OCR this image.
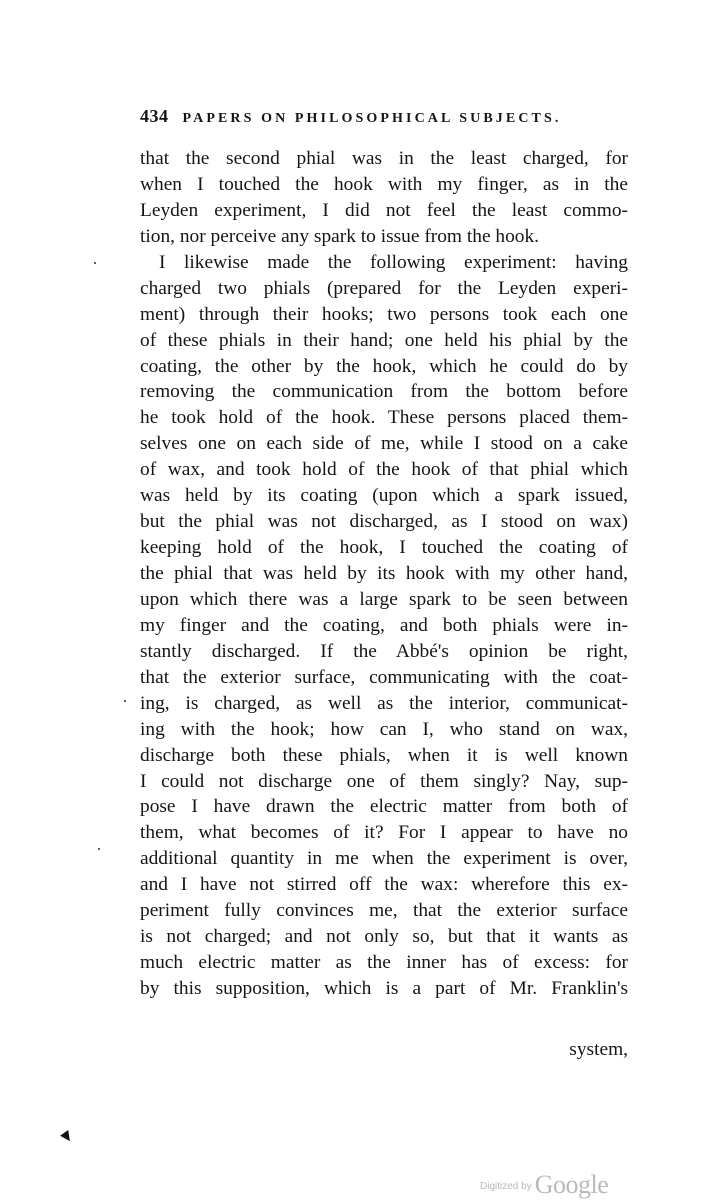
434 PAPERS ON PHILOSOPHICAL SUBJECTS.
that the second phial was in the least charged, for
when I touched the hook with my finger, as in the
Leyden experiment, I did not feel the least commo-
tion, nor perceive any spark to issue from the hook.
I likewise made the following experiment: having
charged two phials (prepared for the Leyden experi-
ment) through their hooks; two persons took each one
of these phials in their hand; one held his phial by the
coating, the other by the hook, which he could do by
removing the communication from the bottom before
he took hold of the hook. These persons placed them-
selves one on each side of me, while I stood on a cake
of wax, and took hold of the hook of that phial which
was held by its coating (upon which a spark issued,
but the phial was not discharged, as I stood on wax)
keeping hold of the hook, I touched the coating of
the phial that was held by its hook with my other hand,
upon which there was a large spark to be seen between
my finger and the coating, and both phials were in-
stantly discharged. If the Abbé's opinion be right,
that the exterior surface, communicating with the coat-
ing, is charged, as well as the interior, communicat-
ing with the hook; how can I, who stand on wax,
discharge both these phials, when it is well known
I could not discharge one of them singly? Nay, sup-
pose I have drawn the electric matter from both of
them, what becomes of it? For I appear to have no
additional quantity in me when the experiment is over,
and I have not stirred off the wax: wherefore this ex-
periment fully convinces me, that the exterior surface
is not charged; and not only so, but that it wants as
much electric matter as the inner has of excess: for
by this supposition, which is a part of Mr. Franklin's
system,
$^{Digitized by}$ Google
